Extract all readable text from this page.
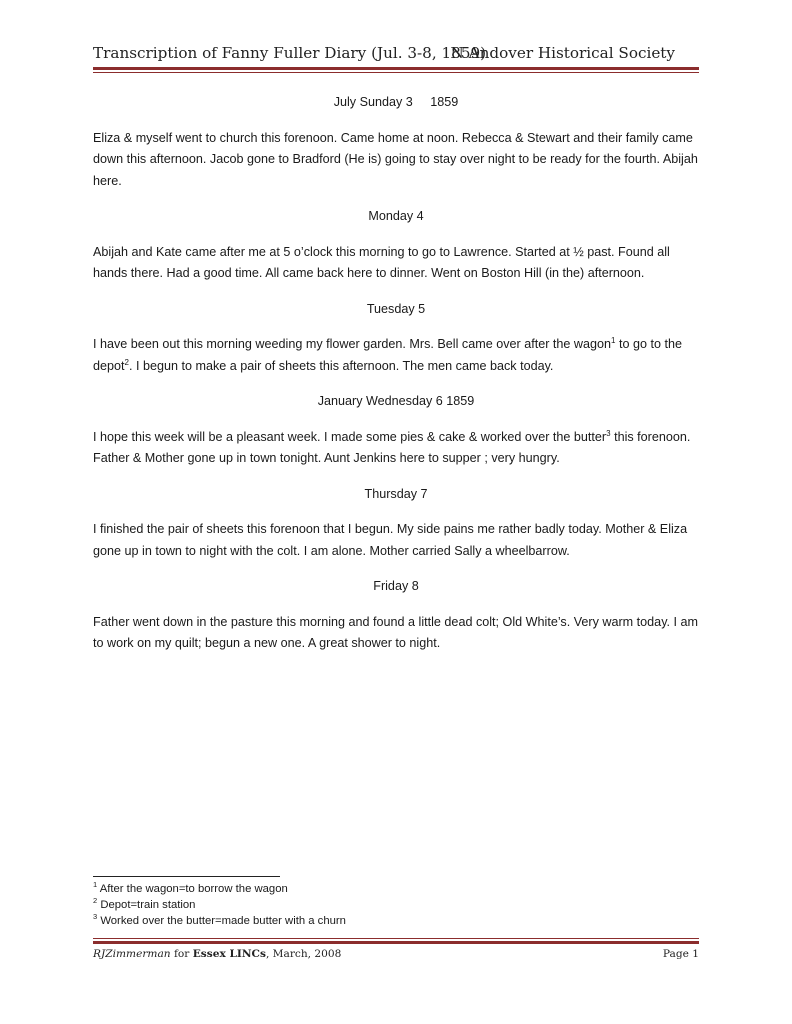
Transcription of Fanny Fuller Diary (Jul. 3-8, 1859)
N Andover Historical Society

July Sunday 3     1859

Eliza & myself went to church this forenoon. Came home at noon. Rebecca & Stewart and their family came down this afternoon. Jacob gone to Bradford (He is) going to stay over night to be ready for the fourth. Abijah here.

Monday 4

Abijah and Kate came after me at 5 o’clock this morning to go to Lawrence. Started at ½ past. Found all hands there. Had a good time. All came back here to dinner. Went on Boston Hill (in the) afternoon.

Tuesday 5

I have been out this morning weeding my flower garden. Mrs. Bell came over after the wagon$^1$ to go to the depot$^2$. I begun to make a pair of sheets this afternoon. The men came back today.

January Wednesday 6 1859

I hope this week will be a pleasant week. I made some pies & cake & worked over the butter$^3$ this forenoon. Father & Mother gone up in town tonight. Aunt Jenkins here to supper ; very hungry.

Thursday 7

I finished the pair of sheets this forenoon that I begun. My side pains me rather badly today. Mother & Eliza gone up in town to night with the colt. I am alone. Mother carried Sally a wheelbarrow.

Friday 8

Father went down in the pasture this morning and found a little dead colt; Old White’s. Very warm today. I am to work on my quilt; begun a new one. A great shower to night.

$^1$ After the wagon=to borrow the wagon
$^2$ Depot=train station
$^3$ Worked over the butter=made butter with a churn
RJZimmerman for Essex LINCs, March, 2008	Page 1
